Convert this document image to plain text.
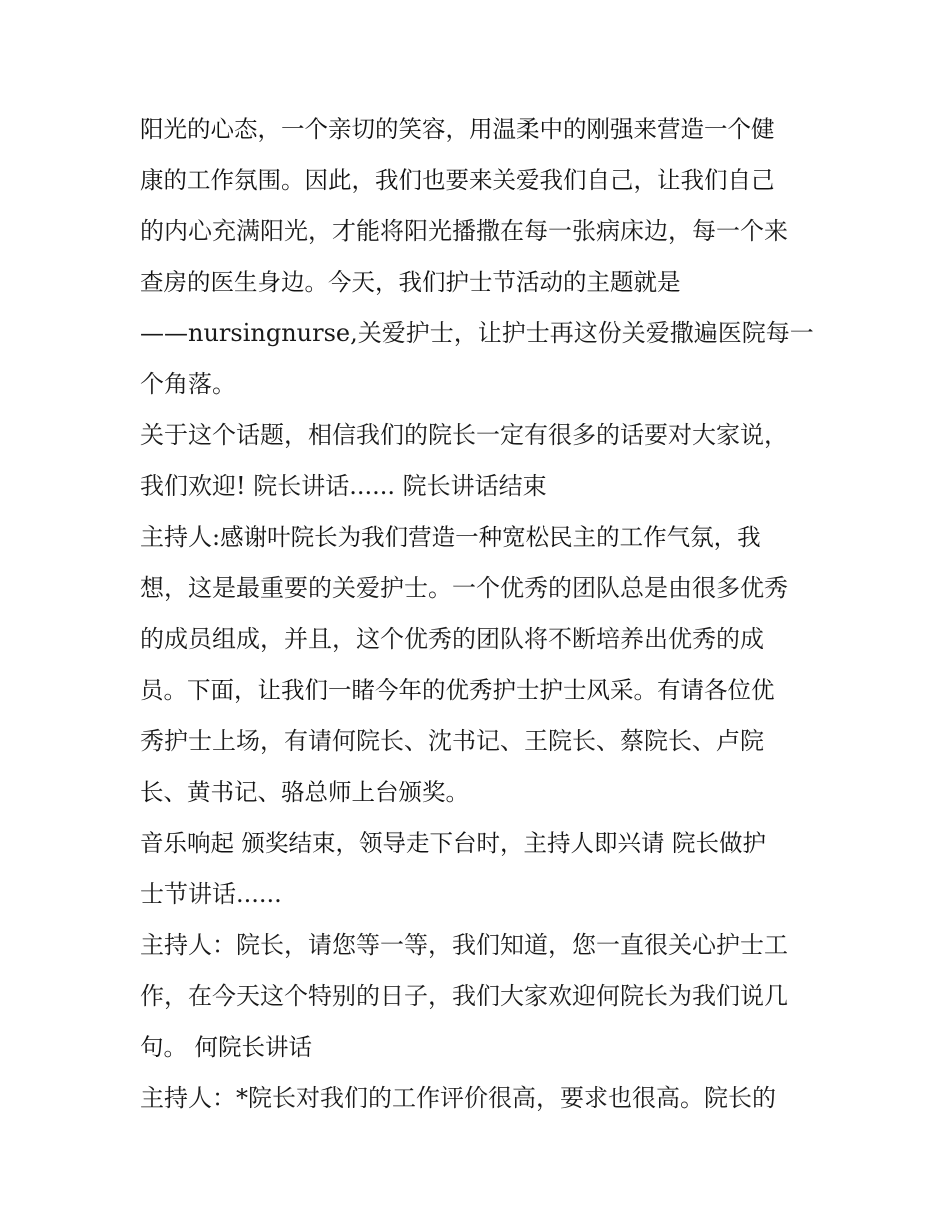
阳光的心态，一个亲切的笑容，用温柔中的刚强来营造一个健
康的工作氛围。因此，我们也要来关爱我们自己，让我们自己
的内心充满阳光，才能将阳光播撒在每一张病床边，每一个来
查房的医生身边。今天，我们护士节活动的主题就是
——nursingnurse,关爱护士，让护士再这份关爱撒遍医院每一
个角落。
关于这个话题，相信我们的院长一定有很多的话要对大家说，
我们欢迎! 院长讲话...... 院长讲话结束
主持人:感谢叶院长为我们营造一种宽松民主的工作气氛，我
想，这是最重要的关爱护士。一个优秀的团队总是由很多优秀
的成员组成，并且，这个优秀的团队将不断培养出优秀的成
员。下面，让我们一睹今年的优秀护士护士风采。有请各位优
秀护士上场，有请何院长、沈书记、王院长、蔡院长、卢院
长、黄书记、骆总师上台颁奖。
音乐响起 颁奖结束，领导走下台时，主持人即兴请 院长做护
士节讲话......
主持人：院长，请您等一等，我们知道，您一直很关心护士工
作，在今天这个特别的日子，我们大家欢迎何院长为我们说几
句。 何院长讲话
主持人：*院长对我们的工作评价很高，要求也很高。院长的
